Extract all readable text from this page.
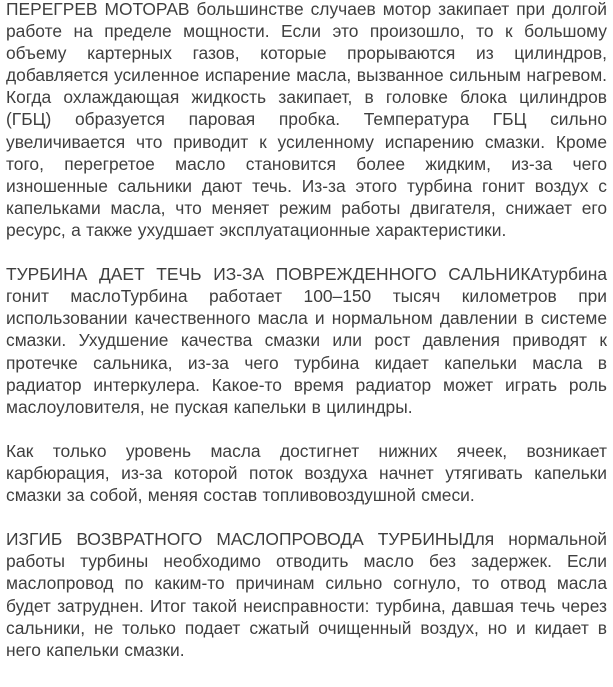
ПЕРЕГРЕВ МОТОРАВ большинстве случаев мотор закипает при долгой работе на пределе мощности. Если это произошло, то к большому объему картерных газов, которые прорываются из цилиндров, добавляется усиленное испарение масла, вызванное сильным нагревом. Когда охлаждающая жидкость закипает, в головке блока цилиндров (ГБЦ) образуется паровая пробка. Температура ГБЦ сильно увеличивается что приводит к усиленному испарению смазки. Кроме того, перегретое масло становится более жидким, из-за чего изношенные сальники дают течь. Из-за этого турбина гонит воздух с капельками масла, что меняет режим работы двигателя, снижает его ресурс, а также ухудшает эксплуатационные характеристики.

ТУРБИНА ДАЕТ ТЕЧЬ ИЗ-ЗА ПОВРЕЖДЕННОГО САЛЬНИКАтурбина гонит маслоТурбина работает 100–150 тысяч километров при использовании качественного масла и нормальном давлении в системе смазки. Ухудшение качества смазки или рост давления приводят к протечке сальника, из-за чего турбина кидает капельки масла в радиатор интеркулера. Какое-то время радиатор может играть роль маслоуловителя, не пуская капельки в цилиндры.

Как только уровень масла достигнет нижних ячеек, возникает карбюрация, из-за которой поток воздуха начнет утягивать капельки смазки за собой, меняя состав топливовоздушной смеси.

ИЗГИБ ВОЗВРАТНОГО МАСЛОПРОВОДА ТУРБИНЫДля нормальной работы турбины необходимо отводить масло без задержек. Если маслопровод по каким-то причинам сильно согнуло, то отвод масла будет затруднен. Итог такой неисправности: турбина, давшая течь через сальники, не только подает сжатый очищенный воздух, но и кидает в него капельки смазки.
